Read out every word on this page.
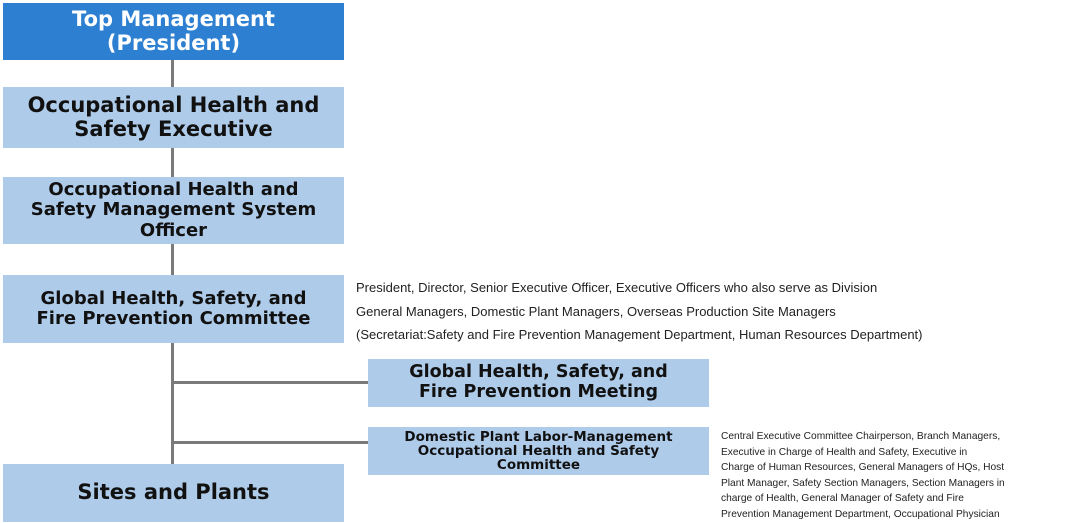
Top Management
(President)
Occupational Health and
Safety Executive
Occupational Health and
Safety Management System
Officer
Global Health, Safety, and
Fire Prevention Committee
Global Health, Safety, and
Fire Prevention Meeting
Domestic Plant Labor-Management
Occupational Health and Safety
Committee
Sites and Plants
President, Director, Senior Executive Officer, Executive Officers who also serve as Division
General Managers, Domestic Plant Managers, Overseas Production Site Managers
(Secretariat:Safety and Fire Prevention Management Department, Human Resources Department)
Central Executive Committee Chairperson, Branch Managers,
Executive in Charge of Health and Safety, Executive in
Charge of Human Resources, General Managers of HQs, Host
Plant Manager, Safety Section Managers, Section Managers in
charge of Health, General Manager of Safety and Fire
Prevention Management Department, Occupational Physician
